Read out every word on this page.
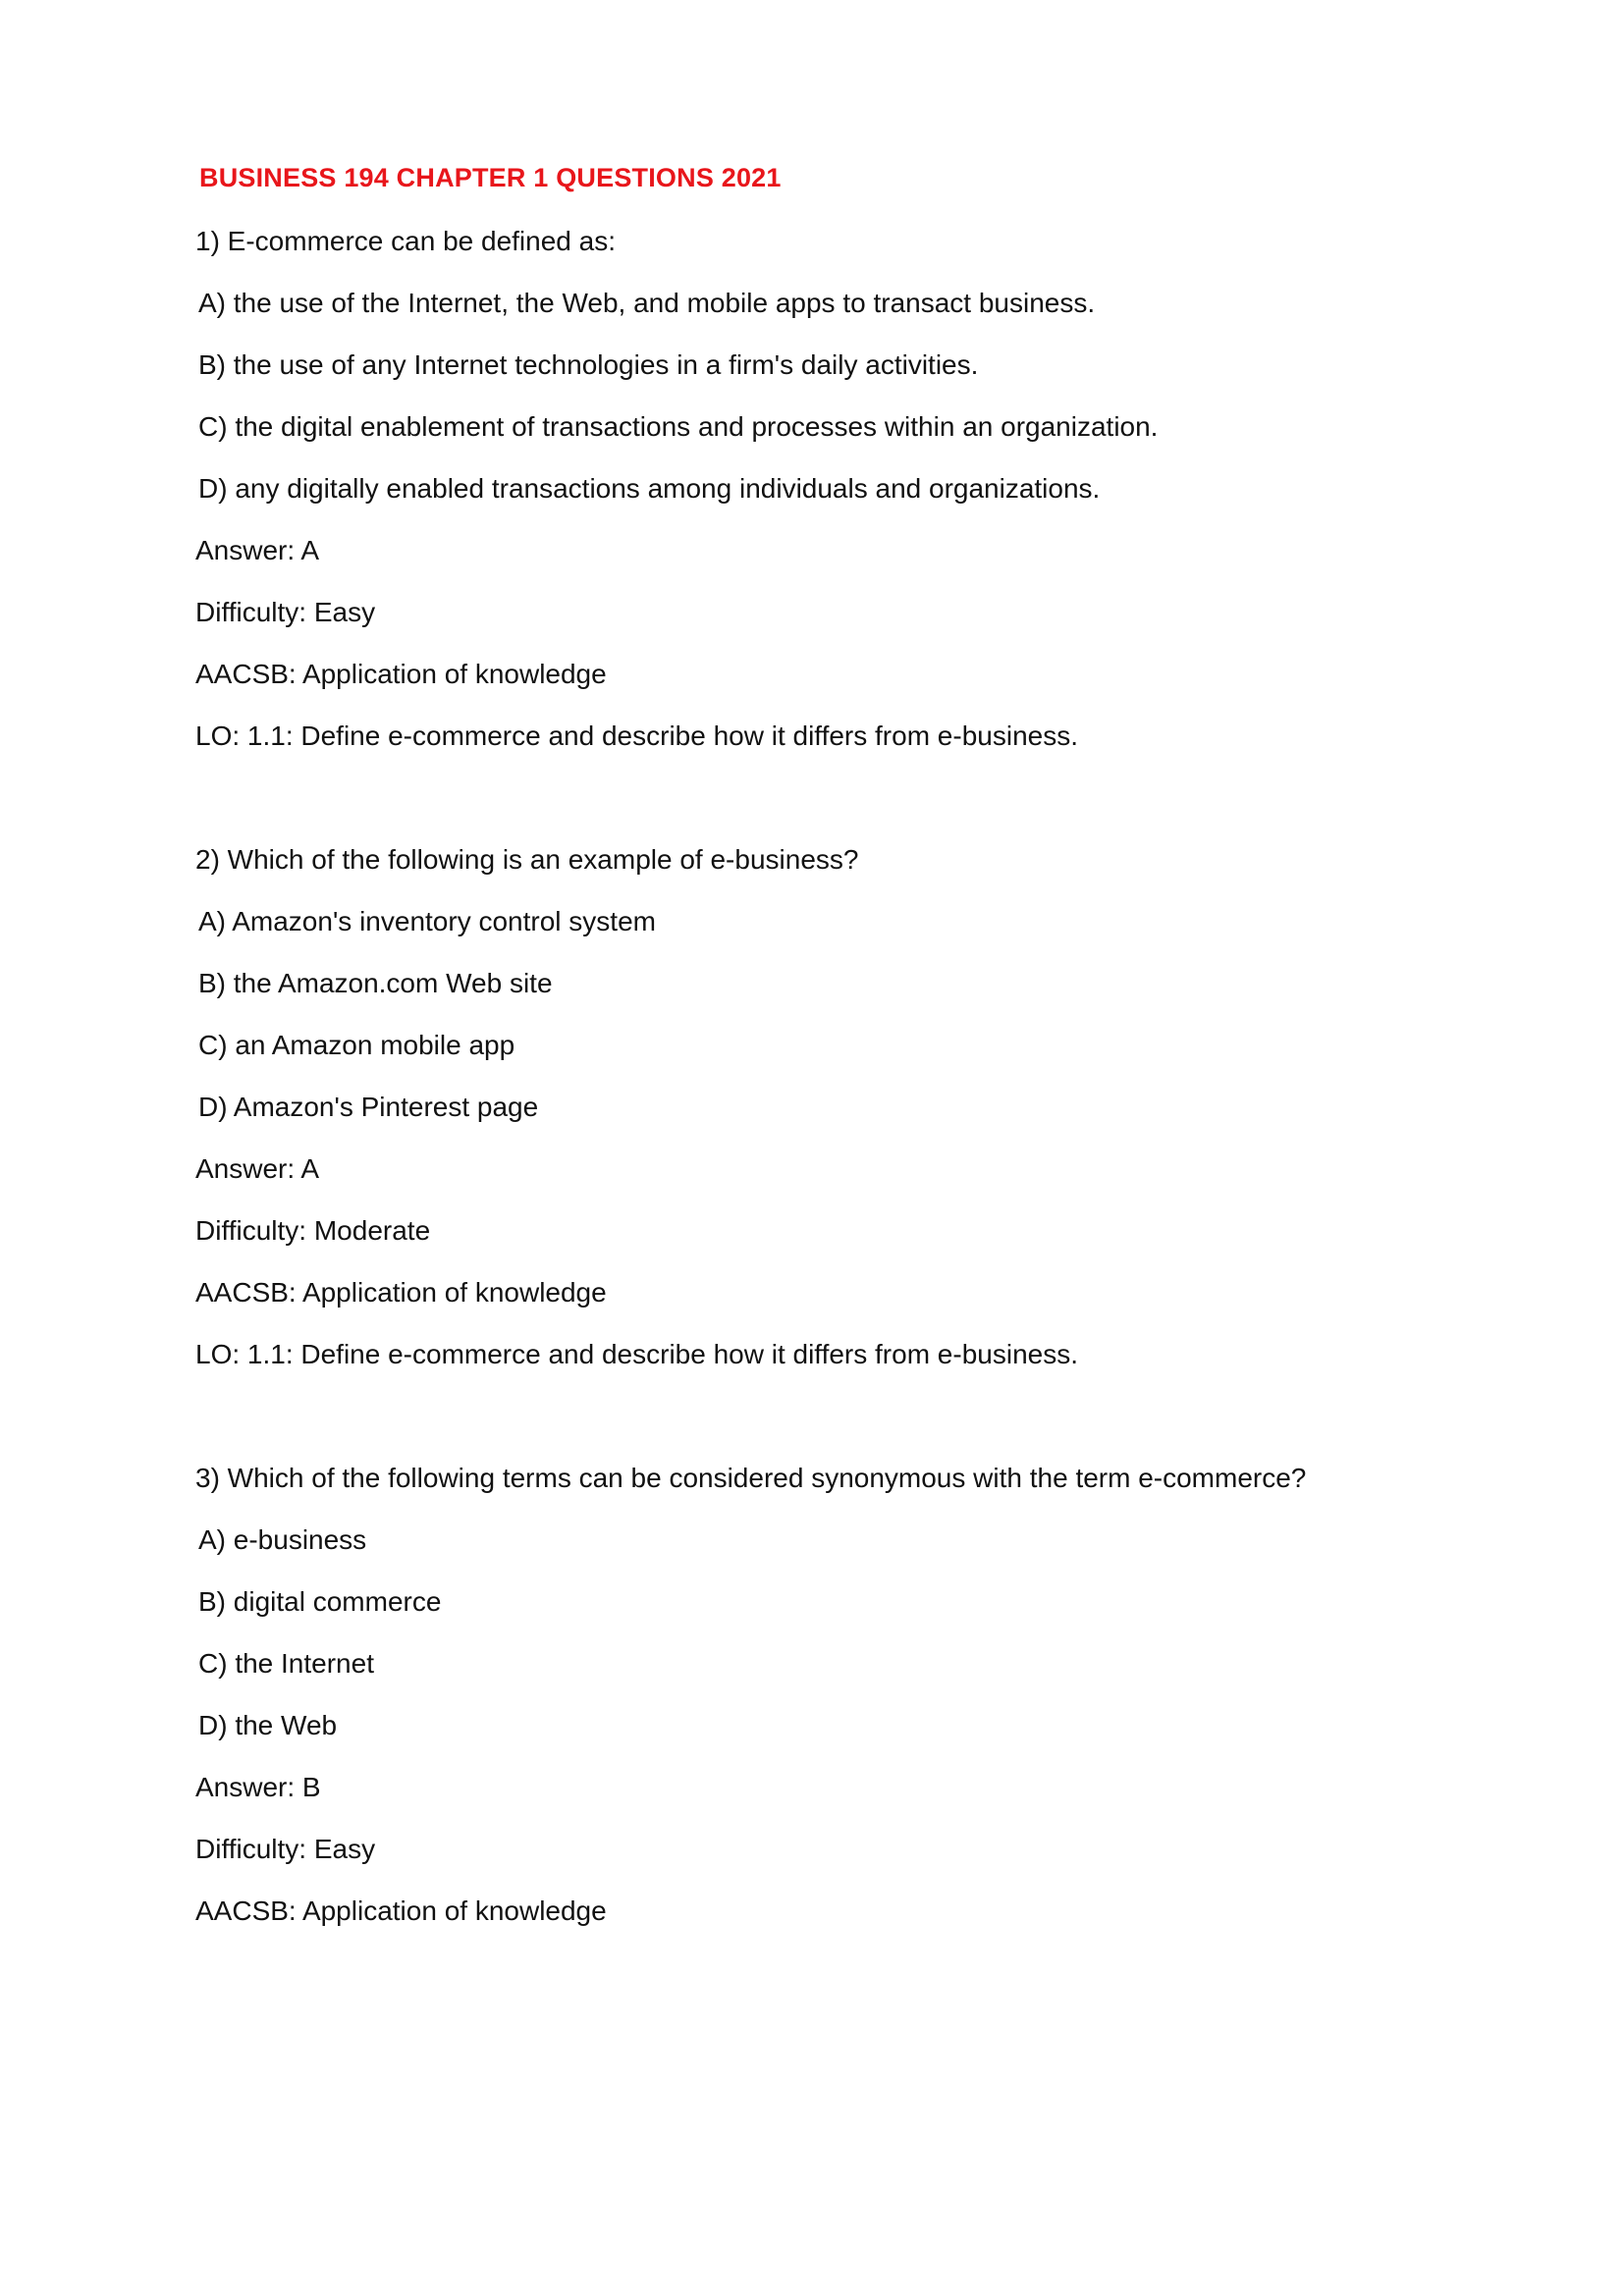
BUSINESS 194 CHAPTER 1 QUESTIONS 2021
1) E-commerce can be defined as:
A) the use of the Internet, the Web, and mobile apps to transact business.
B) the use of any Internet technologies in a firm's daily activities.
C) the digital enablement of transactions and processes within an organization.
D) any digitally enabled transactions among individuals and organizations.
Answer: A
Difficulty: Easy
AACSB: Application of knowledge
LO: 1.1: Define e-commerce and describe how it differs from e-business.
2) Which of the following is an example of e-business?
A) Amazon's inventory control system
B) the Amazon.com Web site
C) an Amazon mobile app
D) Amazon's Pinterest page
Answer: A
Difficulty: Moderate
AACSB: Application of knowledge
LO: 1.1: Define e-commerce and describe how it differs from e-business.
3) Which of the following terms can be considered synonymous with the term e-commerce?
A) e-business
B) digital commerce
C) the Internet
D) the Web
Answer: B
Difficulty: Easy
AACSB: Application of knowledge
